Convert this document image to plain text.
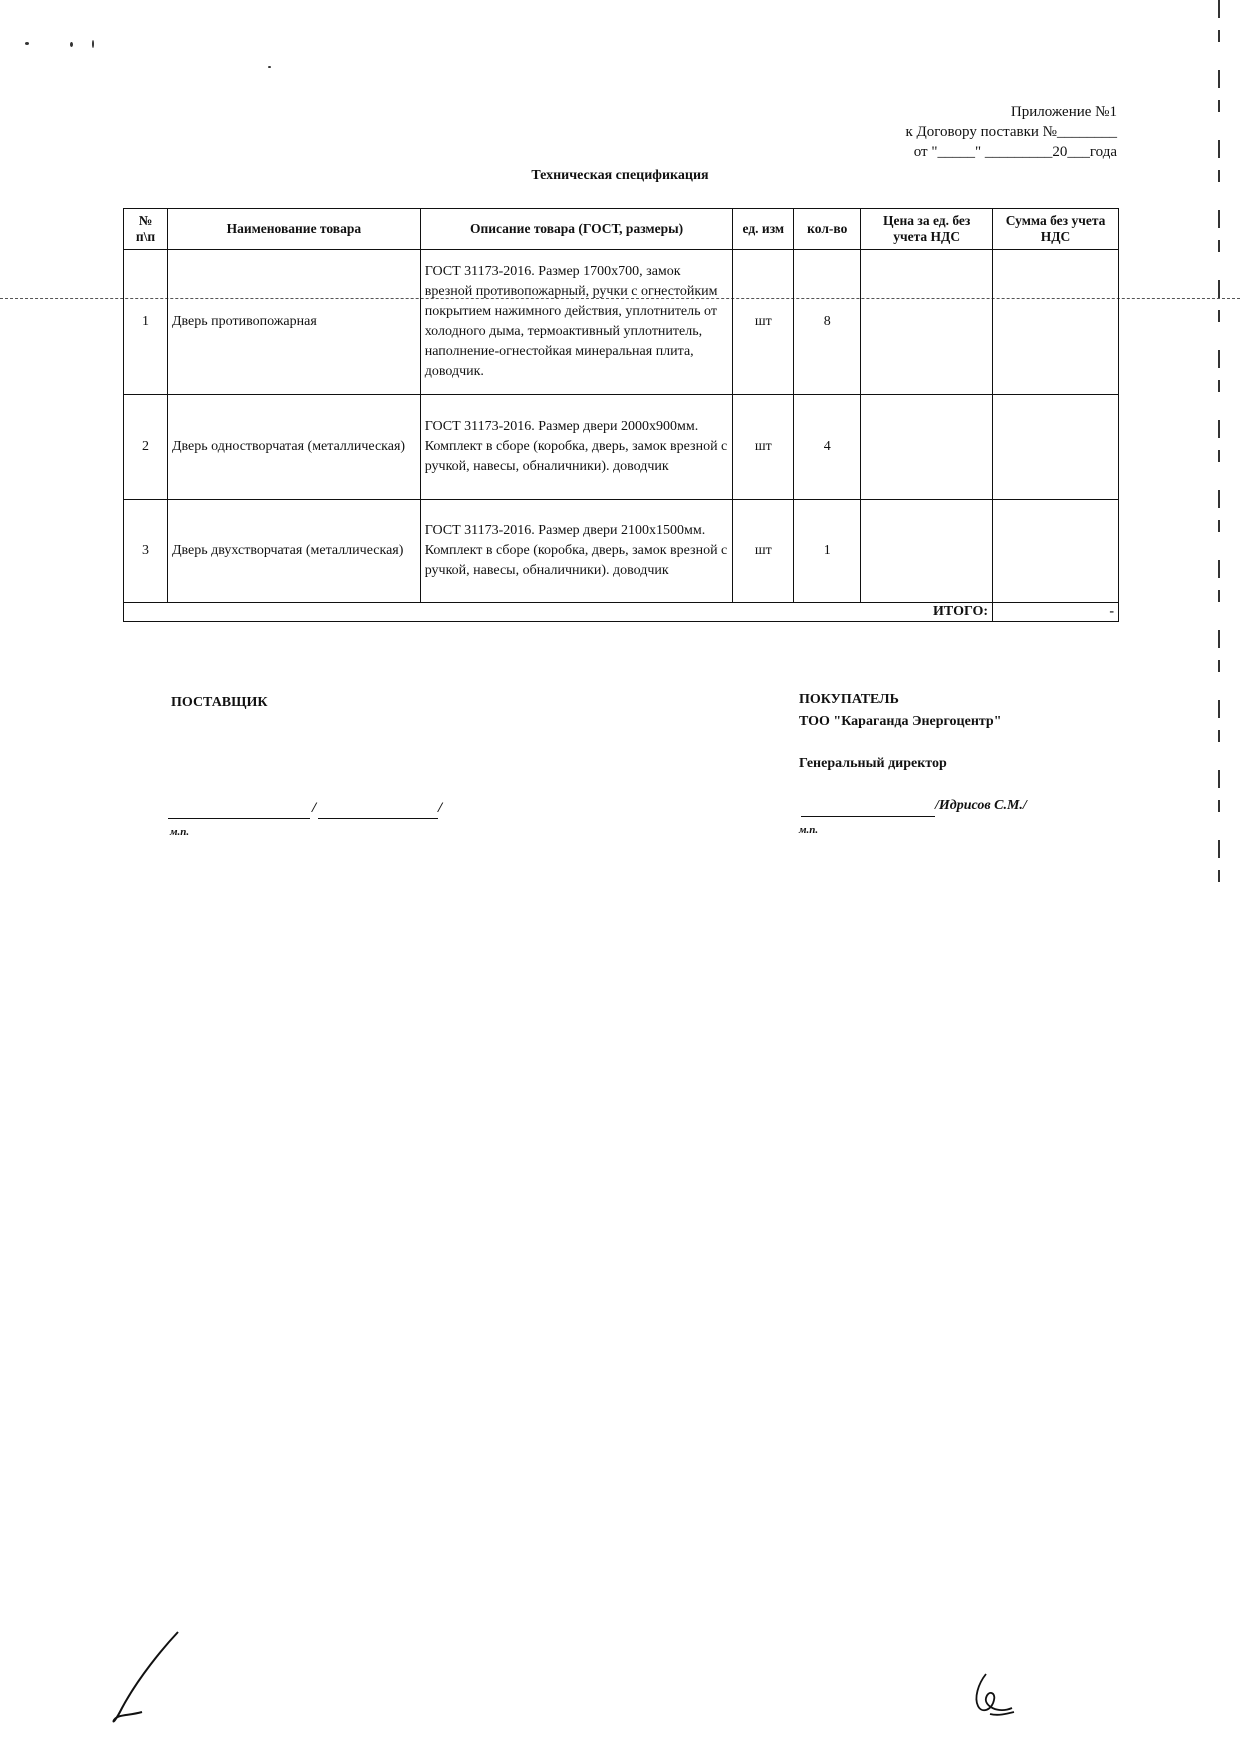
Приложение №1
к Договору поставки №________
от "_____" _________20___года
Техническая спецификация
№ п\п	Наименование товара	Описание товара (ГОСТ, размеры)	ед. изм	кол-во	Цена за ед. без учета НДС	Сумма без учета НДС
1	Дверь противопожарная	ГОСТ 31173-2016. Размер 1700х700, замок врезной противопожарный, ручки с огнестойким покрытием нажимного действия, уплотнитель от холодного дыма, термоактивный уплотнитель, наполнение-огнестойкая минеральная плита, доводчик.	шт	8		
2	Дверь одностворчатая (металлическая)	ГОСТ 31173-2016. Размер двери 2000х900мм. Комплект в сборе (коробка, дверь, замок врезной с ручкой, навесы, обналичники). доводчик	шт	4		
3	Дверь двухстворчатая (металлическая)	ГОСТ 31173-2016. Размер двери 2100х1500мм. Комплект в сборе (коробка, дверь, замок врезной с ручкой, навесы, обналичники). доводчик	шт	1		
ИТОГО:						-
ПОСТАВЩИК
/	/
м.п.
ПОКУПАТЕЛЬ
ТОО "Караганда Энергоцентр"
Генеральный директор
/Идрисов С.М./
м.п.
